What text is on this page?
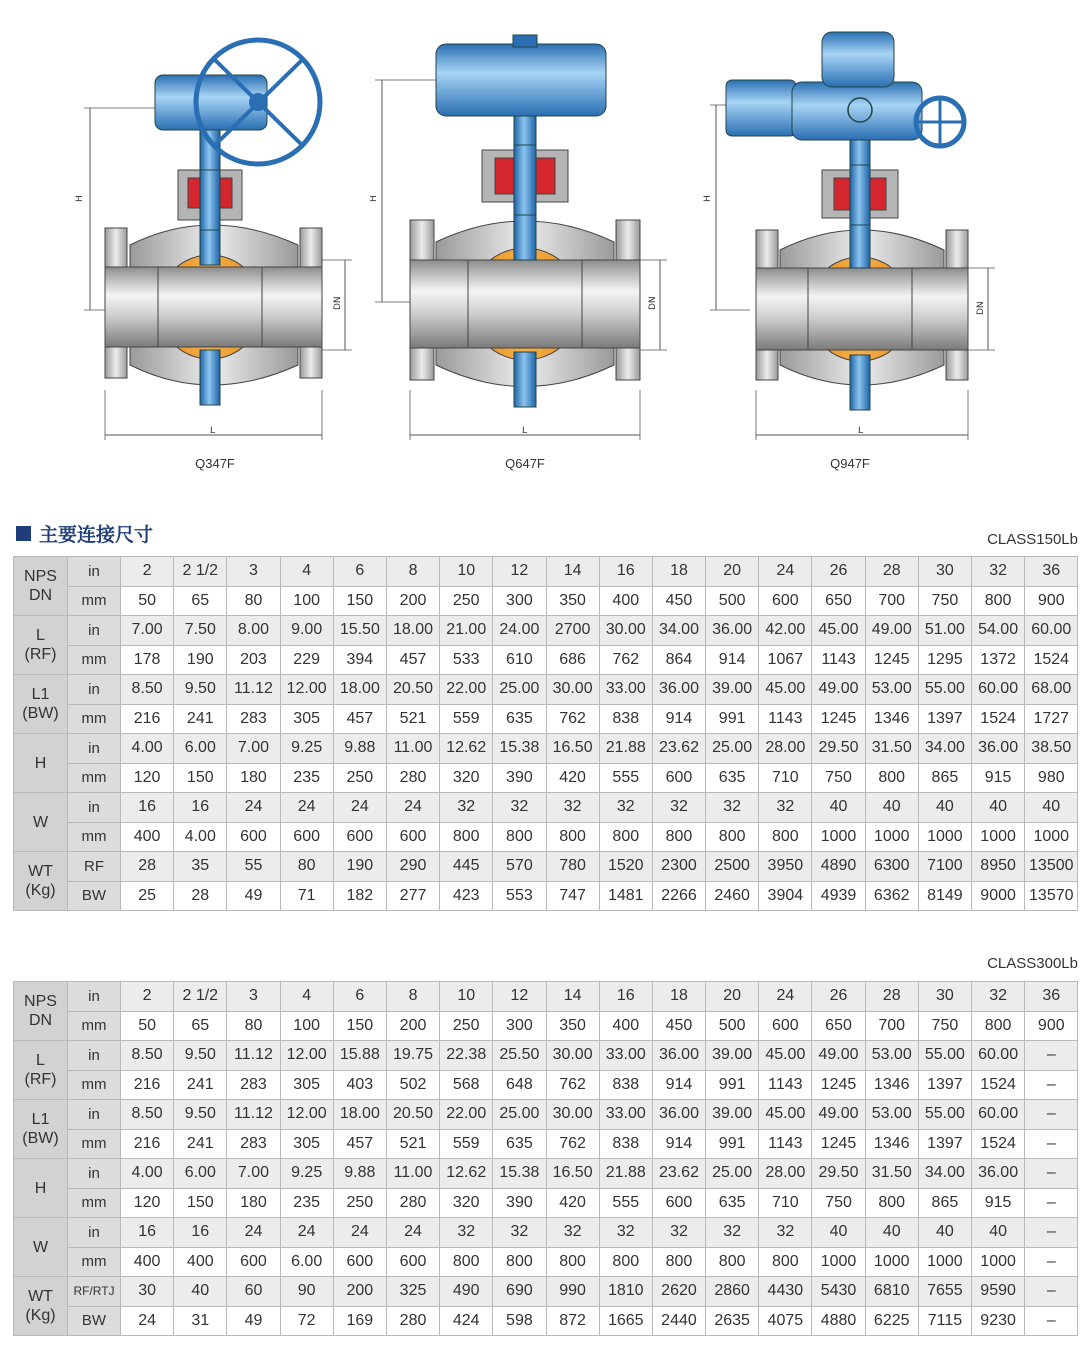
H
DN
L
Q347F
H
DN
L
Q647F
H
DN
L
Q947F
主要连接尺寸	CLASS150Lb
NPS
DN	in	2	2 1/2	3	4	6	8	10	12	14	16	18	20	24	26	28	30	32	36
	mm	50	65	80	100	150	200	250	300	350	400	450	500	600	650	700	750	800	900

L
(RF)	in	7.00	7.50	8.00	9.00	15.50	18.00	21.00	24.00	2700	30.00	34.00	36.00	42.00	45.00	49.00	51.00	54.00	60.00
	mm	178	190	203	229	394	457	533	610	686	762	864	914	1067	1143	1245	1295	1372	1524

L1
(BW)	in	8.50	9.50	11.12	12.00	18.00	20.50	22.00	25.00	30.00	33.00	36.00	39.00	45.00	49.00	53.00	55.00	60.00	68.00
	mm	216	241	283	305	457	521	559	635	762	838	914	991	1143	1245	1346	1397	1524	1727

H	in	4.00	6.00	7.00	9.25	9.88	11.00	12.62	15.38	16.50	21.88	23.62	25.00	28.00	29.50	31.50	34.00	36.00	38.50
	mm	120	150	180	235	250	280	320	390	420	555	600	635	710	750	800	865	915	980

W	in	16	16	24	24	24	24	32	32	32	32	32	32	32	40	40	40	40	40
	mm	400	4.00	600	600	600	600	800	800	800	800	800	800	800	1000	1000	1000	1000	1000

WT
(Kg)	RF	28	35	55	80	190	290	445	570	780	1520	2300	2500	3950	4890	6300	7100	8950	13500
	BW	25	28	49	71	182	277	423	553	747	1481	2266	2460	3904	4939	6362	8149	9000	13570
CLASS300Lb
NPS
DN	in	2	2 1/2	3	4	6	8	10	12	14	16	18	20	24	26	28	30	32	36
	mm	50	65	80	100	150	200	250	300	350	400	450	500	600	650	700	750	800	900

L
(RF)	in	8.50	9.50	11.12	12.00	15.88	19.75	22.38	25.50	30.00	33.00	36.00	39.00	45.00	49.00	53.00	55.00	60.00	–
	mm	216	241	283	305	403	502	568	648	762	838	914	991	1143	1245	1346	1397	1524	–

L1
(BW)	in	8.50	9.50	11.12	12.00	18.00	20.50	22.00	25.00	30.00	33.00	36.00	39.00	45.00	49.00	53.00	55.00	60.00	–
	mm	216	241	283	305	457	521	559	635	762	838	914	991	1143	1245	1346	1397	1524	–

H	in	4.00	6.00	7.00	9.25	9.88	11.00	12.62	15.38	16.50	21.88	23.62	25.00	28.00	29.50	31.50	34.00	36.00	–
	mm	120	150	180	235	250	280	320	390	420	555	600	635	710	750	800	865	915	–

W	in	16	16	24	24	24	24	32	32	32	32	32	32	32	40	40	40	40	–
	mm	400	400	600	6.00	600	600	800	800	800	800	800	800	800	1000	1000	1000	1000	–

WT
(Kg)	RF/RTJ	30	40	60	90	200	325	490	690	990	1810	2620	2860	4430	5430	6810	7655	9590	–
	BW	24	31	49	72	169	280	424	598	872	1665	2440	2635	4075	4880	6225	7115	9230	–
